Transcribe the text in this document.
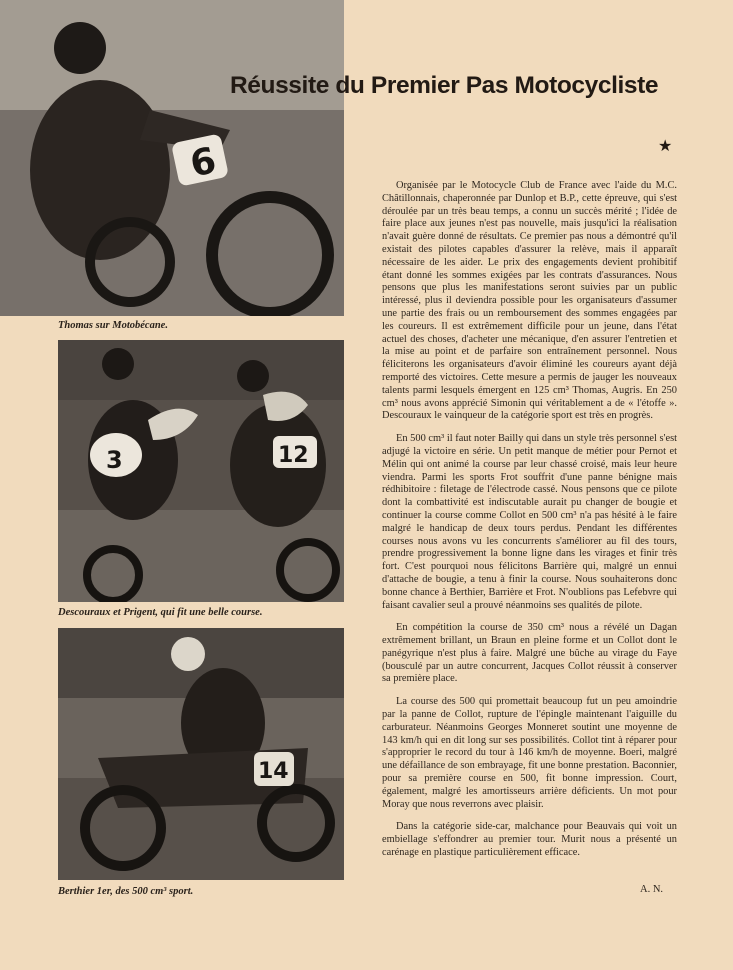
6
Thomas sur Motobécane.
3	12
Descouraux et Prigent, qui fit une belle course.
14
Berthier 1er, des 500 cm³ sport.
Réussite du Premier Pas Motocycliste
★

Organisée par le Motocycle Club de France avec l'aide du M.C. Châtillonnais, chaperonnée par Dunlop et B.P., cette épreuve, qui s'est déroulée par un très beau temps, a connu un succès mérité ; l'idée de faire place aux jeunes n'est pas nouvelle, mais jusqu'ici la réalisation n'avait guère donné de résultats. Ce premier pas nous a démontré qu'il existait des pilotes capables d'assurer la relève, mais il apparaît nécessaire de les aider. Le prix des engagements devient prohibitif étant donné les sommes exigées par les contrats d'assurances. Nous pensons que plus les manifestations seront suivies par un public intéressé, plus il deviendra possible pour les organisateurs d'assumer une partie des frais ou un remboursement des sommes engagées par les coureurs. Il est extrêmement difficile pour un jeune, dans l'état actuel des choses, d'acheter une mécanique, d'en assurer l'entretien et la mise au point et de parfaire son entraînement personnel. Nous féliciterons les organisateurs d'avoir éliminé les coureurs ayant déjà remporté des victoires. Cette mesure a permis de jauger les nouveaux talents parmi lesquels émergent en 125 cm³ Thomas, Augris. En 250 cm³ nous avons apprécié Simonin qui véritablement a de « l'étoffe ». Descouraux le vainqueur de la catégorie sport est très en progrès.

En 500 cm³ il faut noter Bailly qui dans un style très personnel s'est adjugé la victoire en série. Un petit manque de métier pour Pernot et Mélin qui ont animé la course par leur chassé croisé, mais leur heure viendra. Parmi les sports Frot souffrit d'une panne bénigne mais rédhibitoire : filetage de l'électrode cassé. Nous pensons que ce pilote dont la combattivité est indiscutable aurait pu changer de bougie et continuer la course comme Collot en 500 cm³ n'a pas hésité à le faire malgré le handicap de deux tours perdus. Pendant les différentes courses nous avons vu les concurrents s'améliorer au fil des tours, prendre progressivement la bonne ligne dans les virages et finir très fort. C'est pourquoi nous félicitons Barrière qui, malgré un ennui d'attache de bougie, a tenu à finir la course. Nous souhaiterons donc bonne chance à Berthier, Barrière et Frot. N'oublions pas Lefebvre qui faisant cavalier seul a prouvé néanmoins ses qualités de pilote.

En compétition la course de 350 cm³ nous a révélé un Dagan extrêmement brillant, un Braun en pleine forme et un Collot dont le panégyrique n'est plus à faire. Malgré une bûche au virage du Faye (bousculé par un autre concurrent, Jacques Collot réussit à conserver sa première place.

La course des 500 qui promettait beaucoup fut un peu amoindrie par la panne de Collot, rupture de l'épingle maintenant l'aiguille du carburateur. Néanmoins Georges Monneret soutint une moyenne de 143 km/h qui en dit long sur ses possibilités. Collot tint à réparer pour s'approprier le record du tour à 146 km/h de moyenne. Boeri, malgré une défaillance de son embrayage, fit une bonne prestation. Baconnier, pour sa première course en 500, fit bonne impression. Court, également, malgré les amortisseurs arrière déficients. Un mot pour Moray que nous reverrons avec plaisir.

Dans la catégorie side-car, malchance pour Beauvais qui voit un embiellage s'effondrer au premier tour. Murit nous a présenté un carénage en plastique particulièrement efficace.

A. N.
